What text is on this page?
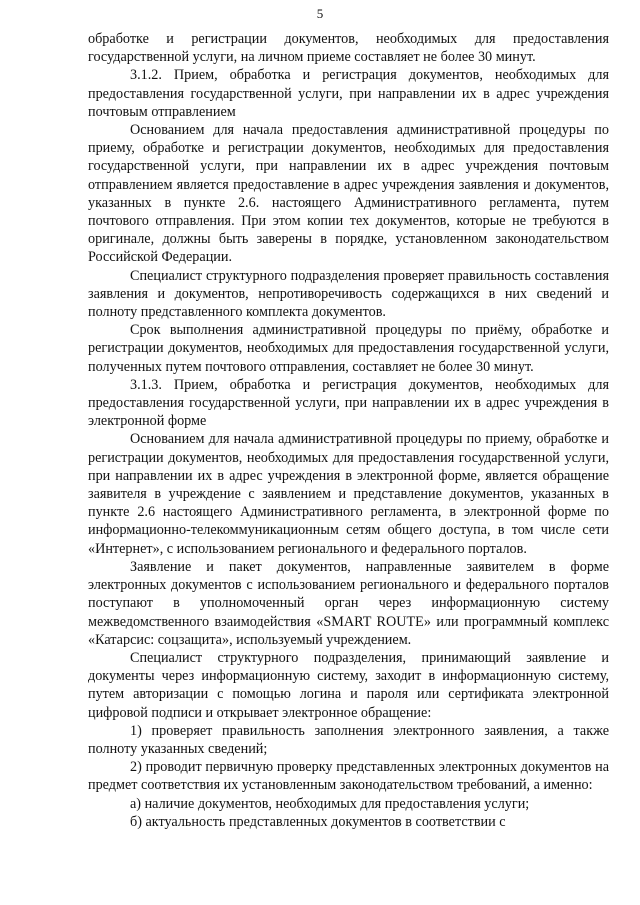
5

обработке и регистрации документов, необходимых для предоставления государственной услуги, на личном приеме составляет не более 30 минут.

3.1.2. Прием, обработка и регистрация документов, необходимых для предоставления государственной услуги, при направлении их в адрес учреждения почтовым отправлением

Основанием для начала предоставления административной процедуры по приему, обработке и регистрации документов, необходимых для предоставления государственной услуги, при направлении их в адрес учреждения почтовым отправлением является предоставление в адрес учреждения заявления и документов, указанных в пункте 2.6. настоящего Административного регламента, путем почтового отправления. При этом копии тех документов, которые не требуются в оригинале, должны быть заверены в порядке, установленном законодательством Российской Федерации.

Специалист структурного подразделения проверяет правильность составления заявления и документов, непротиворечивость содержащихся в них сведений и полноту представленного комплекта документов.

Срок выполнения административной процедуры по приёму, обработке и регистрации документов, необходимых для предоставления государственной услуги, полученных путем почтового отправления, составляет не более 30 минут.

3.1.3. Прием, обработка и регистрация документов, необходимых для предоставления государственной услуги, при направлении их в адрес учреждения в электронной форме

Основанием для начала административной процедуры по приему, обработке и регистрации документов, необходимых для предоставления государственной услуги, при направлении их в адрес учреждения в электронной форме, является обращение заявителя в учреждение с заявлением и представление документов, указанных в пункте 2.6 настоящего Административного регламента, в электронной форме по информационно-телекоммуникационным сетям общего доступа, в том числе сети «Интернет», с использованием регионального и федерального порталов.

Заявление и пакет документов, направленные заявителем в форме электронных документов с использованием регионального и федерального порталов поступают в уполномоченный орган через информационную систему межведомственного взаимодействия «SMART ROUTE» или программный комплекс «Катарсис: соцзащита», используемый учреждением.

Специалист структурного подразделения, принимающий заявление и документы через информационную систему, заходит в информационную систему, путем авторизации с помощью логина и пароля или сертификата электронной цифровой подписи и открывает электронное обращение:

1) проверяет правильность заполнения электронного заявления, а также полноту указанных сведений;

2) проводит первичную проверку представленных электронных документов на предмет соответствия их установленным законодательством требований, а именно:

а) наличие документов, необходимых для предоставления услуги;

б) актуальность представленных документов в соответствии с
